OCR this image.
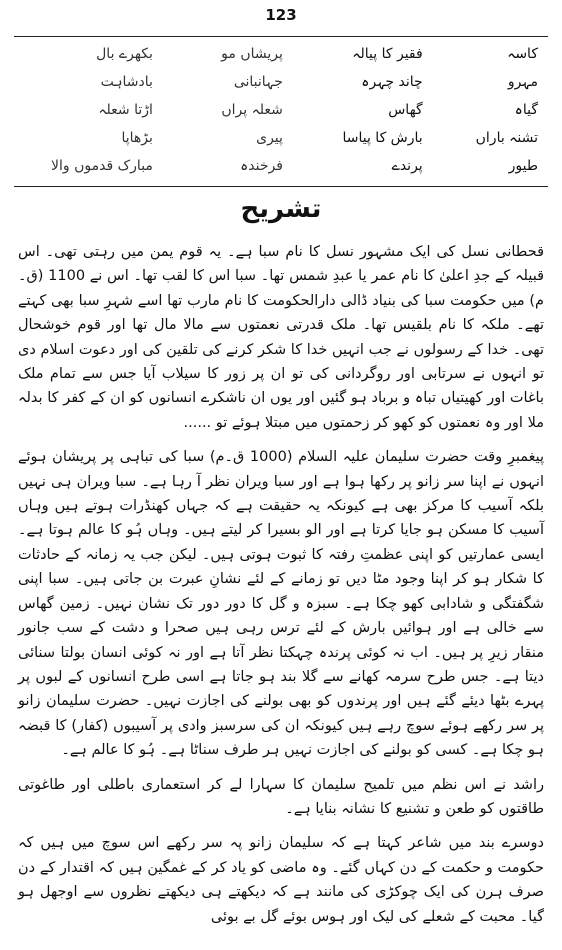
123
کاسہ	فقیر کا پیالہ	پریشاں مو	بکھرے بال
مہرو	چاند چہرہ	جہانبانی	بادشاہت
گیاہ	گھاس	شعلہ پراں	اڑتا شعلہ
تشنہ باراں	بارش کا پیاسا	پیری	بڑھاپا
طیور	پرندے	فرخندہ	مبارک قدموں والا
تشریح

قحطانی نسل کی ایک مشہور نسل کا نام سبا ہے۔ یہ قوم یمن میں رہتی تھی۔ اس قبیلہ کے جدِ اعلیٰ کا نام عمر یا عبدِ شمس تھا۔ سبا اس کا لقب تھا۔ اس نے 1100 (ق۔م) میں حکومت سبا کی بنیاد ڈالی دارالحکومت کا نام مارب تھا اسے شہرِ سبا بھی کہتے تھے۔ ملکہ کا نام بلقیس تھا۔ ملک قدرتی نعمتوں سے مالا مال تھا اور قوم خوشحال تھی۔ خدا کے رسولوں نے جب انہیں خدا کا شکر کرنے کی تلقین کی اور دعوت اسلام دی تو انہوں نے سرتابی اور روگردانی کی تو ان پر زور کا سیلاب آیا جس سے تمام ملک باغات اور کھیتیاں تباہ و برباد ہو گئیں اور یوں ان ناشکرے انسانوں کو ان کے کفر کا بدلہ ملا اور وہ نعمتوں کو کھو کر زحمتوں میں مبتلا ہوئے تو ......

پیغمبرِ وقت حضرت سلیمان علیہ السلام (1000 ق۔م) سبا کی تباہی پر پریشان ہوئے انہوں نے اپنا سر زانو پر رکھا ہوا ہے اور سبا ویران نظر آ رہا ہے۔ سبا ویران ہی نہیں بلکہ آسیب کا مرکز بھی ہے کیونکہ یہ حقیقت ہے کہ جہاں کھنڈرات ہوتے ہیں وہاں آسیب کا مسکن ہو جایا کرتا ہے اور الو بسیرا کر لیتے ہیں۔ وہاں ہُو کا عالم ہوتا ہے۔ ایسی عمارتیں کو اپنی عظمتِ رفتہ کا ثبوت ہوتی ہیں۔ لیکن جب یہ زمانہ کے حادثات کا شکار ہو کر اپنا وجود مٹا دیں تو زمانے کے لئے نشانِ عبرت بن جاتی ہیں۔ سبا اپنی شگفتگی و شادابی کھو چکا ہے۔ سبزہ و گل کا دور دور تک نشان نہیں۔ زمین گھاس سے خالی ہے اور ہوائیں بارش کے لئے ترس رہی ہیں صحرا و دشت کے سب جانور منقار زیرِ پر ہیں۔ اب نہ کوئی پرندہ چہکتا نظر آتا ہے اور نہ کوئی انسان بولتا سنائی دیتا ہے۔ جس طرح سرمہ کھانے سے گلا بند ہو جاتا ہے اسی طرح انسانوں کے لبوں پر پہرے بٹھا دیئے گئے ہیں اور پرندوں کو بھی بولنے کی اجازت نہیں۔ حضرت سلیمان زانو پر سر رکھے ہوئے سوچ رہے ہیں کیونکہ ان کی سرسبز وادی پر آسیبوں (کفار) کا قبضہ ہو چکا ہے۔ کسی کو بولنے کی اجازت نہیں ہر طرف سناٹا ہے۔ ہُو کا عالم ہے۔

راشد نے اس نظم میں تلمیح سلیمان کا سہارا لے کر استعماری باطلی اور طاغوتی طاقتوں کو طعن و تشنیع کا نشانہ بنایا ہے۔

دوسرے بند میں شاعر کہتا ہے کہ سلیمان زانو پہ سر رکھے اس سوچ میں ہیں کہ حکومت و حکمت کے دن کہاں گئے۔ وہ ماضی کو یاد کر کے غمگین ہیں کہ اقتدار کے دن صرف ہرن کی ایک چوکڑی کی مانند ہے کہ دیکھتے ہی دیکھتے نظروں سے اوجھل ہو گیا۔ محبت کے شعلے کی لیک اور ہوس بوئے گل بے بوئی
